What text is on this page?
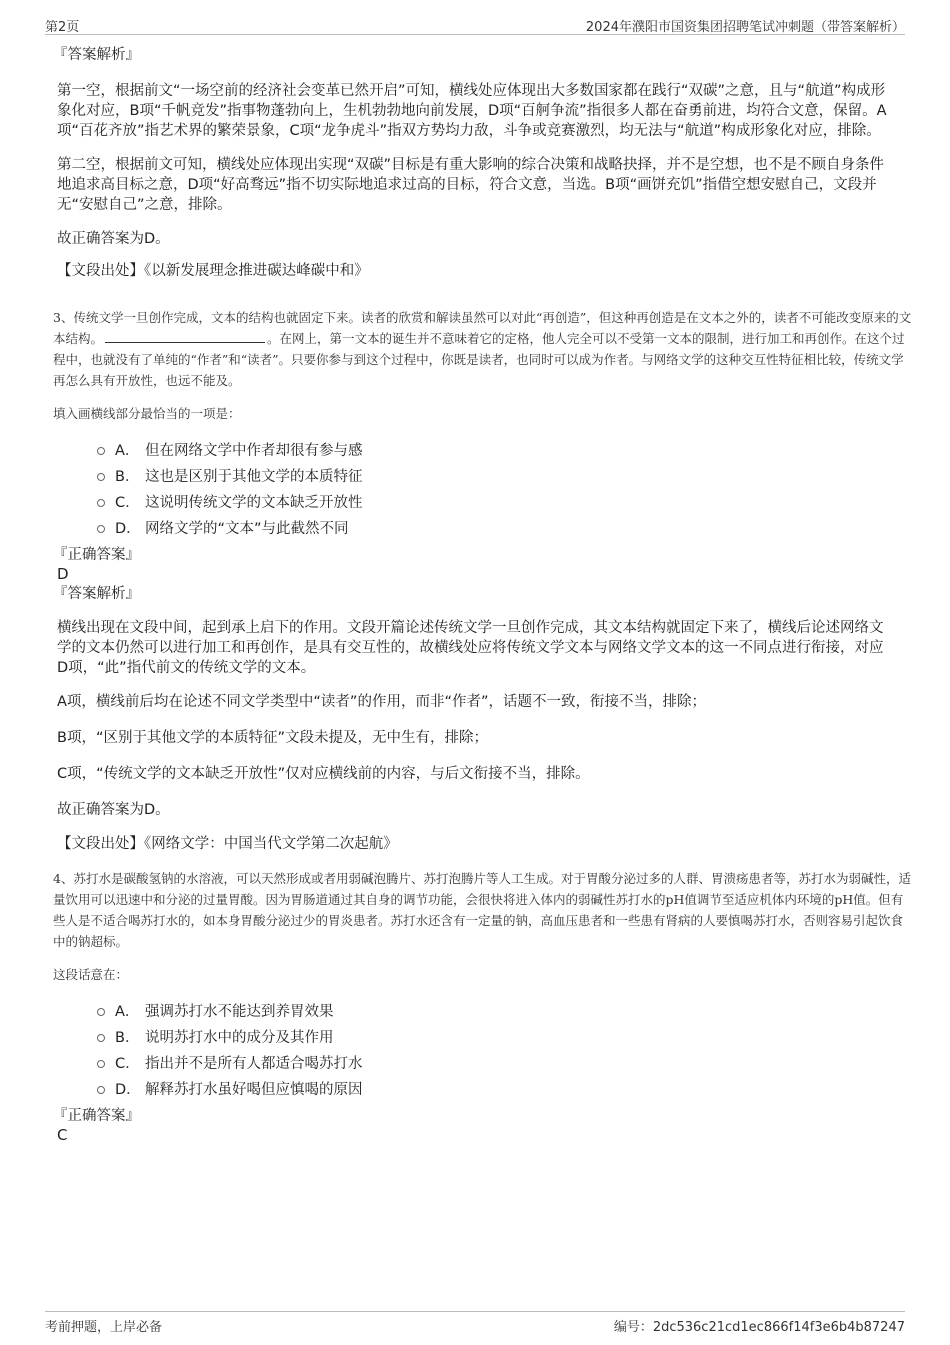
第2页	2024年濮阳市国资集团招聘笔试冲刺题（带答案解析）

『答案解析』

第一空，根据前文“一场空前的经济社会变革已然开启”可知，横线处应体现出大多数国家都在践行“双碳”之意，且与“航道”构成形象化对应，B项“千帆竞发”指事物蓬勃向上，生机勃勃地向前发展，D项“百舸争流”指很多人都在奋勇前进，均符合文意，保留。A项“百花齐放”指艺术界的繁荣景象，C项“龙争虎斗”指双方势均力敌，斗争或竞赛激烈，均无法与“航道”构成形象化对应，排除。

第二空，根据前文可知，横线处应体现出实现“双碳”目标是有重大影响的综合决策和战略抉择，并不是空想，也不是不顾自身条件地追求高目标之意，D项“好高骛远”指不切实际地追求过高的目标，符合文意，当选。B项“画饼充饥”指借空想安慰自己，文段并无“安慰自己”之意，排除。

故正确答案为D。

【文段出处】《以新发展理念推进碳达峰碳中和》

3、传统文学一旦创作完成，文本的结构也就固定下来。读者的欣赏和解读虽然可以对此“再创造”，但这种再创造是在文本之外的，读者不可能改变原来的文本结构。	。在网上，第一文本的诞生并不意味着它的定格，他人完全可以不受第一文本的限制，进行加工和再创作。在这个过程中，也就没有了单纯的“作者”和“读者”。只要你参与到这个过程中，你既是读者，也同时可以成为作者。与网络文学的这种交互性特征相比较，传统文学再怎么具有开放性，也远不能及。

填入画横线部分最恰当的一项是：

A． 但在网络文学中作者却很有参与感
B． 这也是区别于其他文学的本质特征
C． 这说明传统文学的文本缺乏开放性
D． 网络文学的“文本”与此截然不同

『正确答案』

D

『答案解析』

横线出现在文段中间，起到承上启下的作用。文段开篇论述传统文学一旦创作完成，其文本结构就固定下来了，横线后论述网络文学的文本仍然可以进行加工和再创作，是具有交互性的，故横线处应将传统文学文本与网络文学文本的这一不同点进行衔接，对应D项，“此”指代前文的传统文学的文本。

A项，横线前后均在论述不同文学类型中“读者”的作用，而非“作者”，话题不一致，衔接不当，排除；

B项，“区别于其他文学的本质特征”文段未提及，无中生有，排除；

C项，“传统文学的文本缺乏开放性”仅对应横线前的内容，与后文衔接不当，排除。

故正确答案为D。

【文段出处】《网络文学：中国当代文学第二次起航》

4、苏打水是碳酸氢钠的水溶液，可以天然形成或者用弱碱泡腾片、苏打泡腾片等人工生成。对于胃酸分泌过多的人群、胃溃疡患者等，苏打水为弱碱性，适量饮用可以迅速中和分泌的过量胃酸。因为胃肠道通过其自身的调节功能，会很快将进入体内的弱碱性苏打水的pH值调节至适应机体内环境的pH值。但有些人是不适合喝苏打水的，如本身胃酸分泌过少的胃炎患者。苏打水还含有一定量的钠，高血压患者和一些患有肾病的人要慎喝苏打水，否则容易引起饮食中的钠超标。

这段话意在：

A． 强调苏打水不能达到养胃效果
B． 说明苏打水中的成分及其作用
C． 指出并不是所有人都适合喝苏打水
D． 解释苏打水虽好喝但应慎喝的原因

『正确答案』

C

考前押题，上岸必备	编号：2dc536c21cd1ec866f14f3e6b4b87247
